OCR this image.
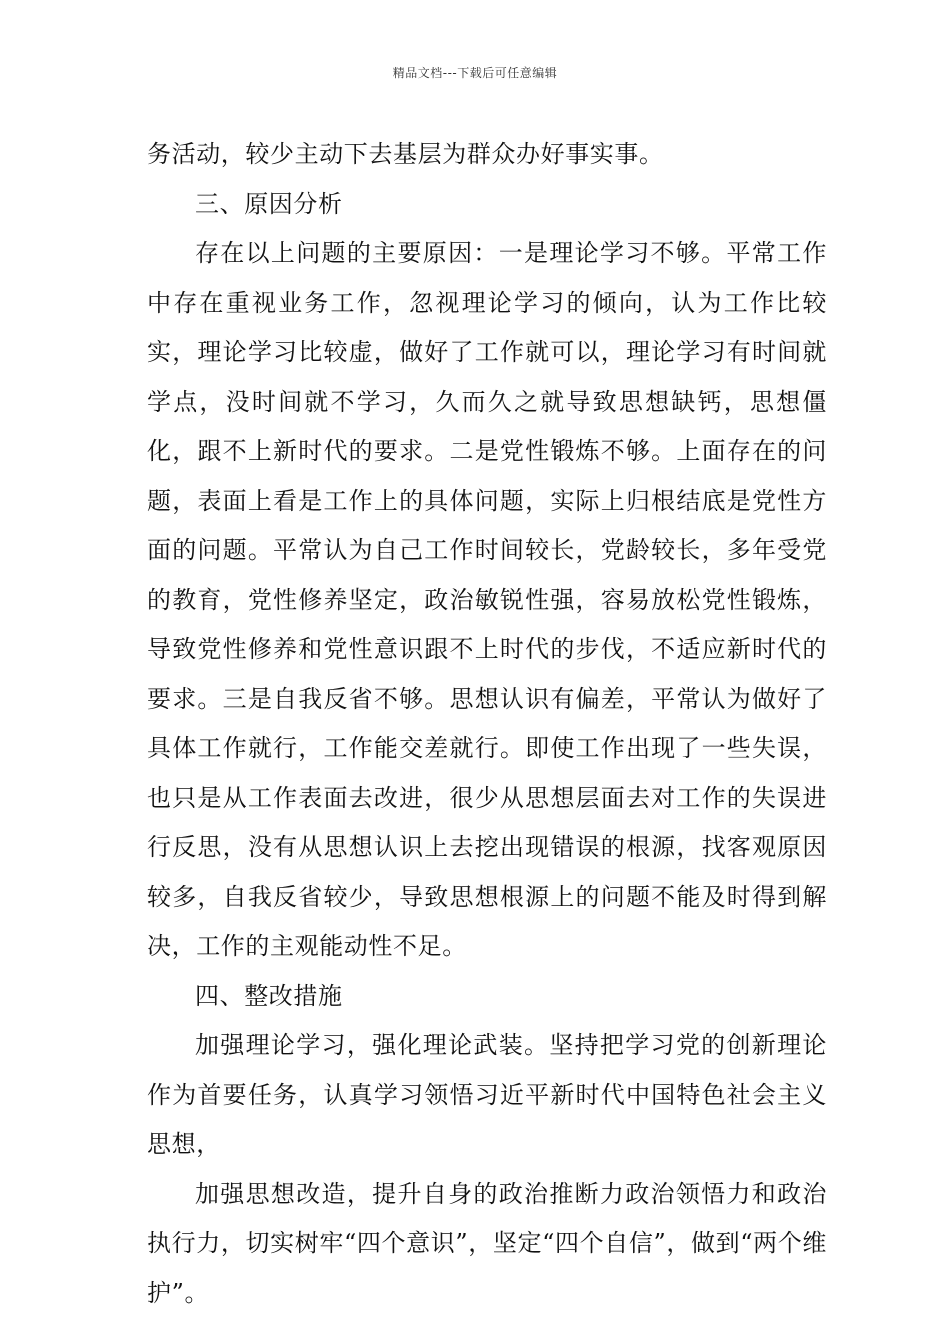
精品文档---下载后可任意编辑

务活动，较少主动下去基层为群众办好事实事。

三、原因分析

存在以上问题的主要原因：一是理论学习不够。平常工作中存在重视业务工作，忽视理论学习的倾向，认为工作比较实，理论学习比较虚，做好了工作就可以，理论学习有时间就学点，没时间就不学习，久而久之就导致思想缺钙，思想僵化，跟不上新时代的要求。二是党性锻炼不够。上面存在的问题，表面上看是工作上的具体问题，实际上归根结底是党性方面的问题。平常认为自己工作时间较长，党龄较长，多年受党的教育，党性修养坚定，政治敏锐性强，容易放松党性锻炼，导致党性修养和党性意识跟不上时代的步伐，不适应新时代的要求。三是自我反省不够。思想认识有偏差，平常认为做好了具体工作就行，工作能交差就行。即使工作出现了一些失误，也只是从工作表面去改进，很少从思想层面去对工作的失误进行反思，没有从思想认识上去挖出现错误的根源，找客观原因较多，自我反省较少，导致思想根源上的问题不能及时得到解决，工作的主观能动性不足。

四、整改措施

加强理论学习，强化理论武装。坚持把学习党的创新理论作为首要任务，认真学习领悟习近平新时代中国特色社会主义思想，

加强思想改造，提升自身的政治推断力政治领悟力和政治执行力，切实树牢“四个意识”，坚定“四个自信”，做到“两个维护”。
